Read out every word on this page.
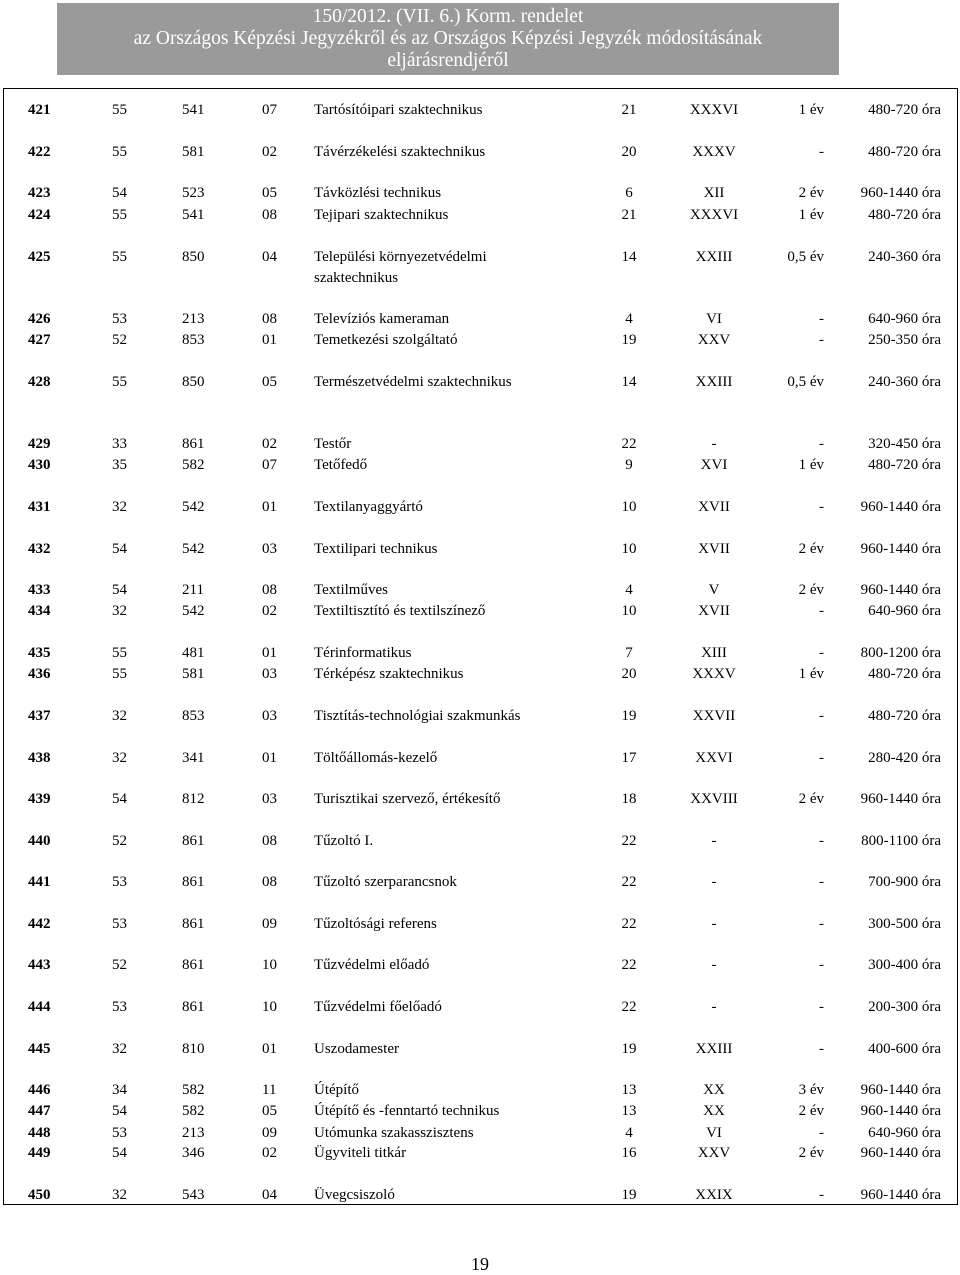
150/2012. (VII. 6.) Korm. rendelet
az Országos Képzési Jegyzékről és az Országos Képzési Jegyzék módosításának
eljárásrendjéről
421	55	541	07 Tartósítóipari szaktechnikus	21	XXXVI	1 év	480-720 óra
422	55	581	02 Távérzékelési szaktechnikus	20	XXXV	-	480-720 óra
423	54	523	05 Távközlési technikus	6	XII	2 év	960-1440 óra
424	55	541	08 Tejipari szaktechnikus	21	XXXVI	1 év	480-720 óra
425	55	850	04 Települési környezetvédelmi	14	XXIII	0,5 év	240-360 óra
szaktechnikus
426	53	213	08 Televíziós kameraman	4	VI	-	640-960 óra
427	52	853	01 Temetkezési szolgáltató	19	XXV	-	250-350 óra
428	55	850	05 Természetvédelmi szaktechnikus	14	XXIII	0,5 év	240-360 óra
429	33	861	02 Testőr	22	-	-	320-450 óra
430	35	582	07 Tetőfedő	9	XVI	1 év	480-720 óra
431	32	542	01 Textilanyaggyártó	10	XVII	-	960-1440 óra
432	54	542	03 Textilipari technikus	10	XVII	2 év	960-1440 óra
433	54	211	08 Textilműves	4	V	2 év	960-1440 óra
434	32	542	02 Textiltisztító és textilszínező	10	XVII	-	640-960 óra
435	55	481	01 Térinformatikus	7	XIII	-	800-1200 óra
436	55	581	03 Térképész szaktechnikus	20	XXXV	1 év	480-720 óra
437	32	853	03 Tisztítás-technológiai szakmunkás	19	XXVII	-	480-720 óra
438	32	341	01 Töltőállomás-kezelő	17	XXVI	-	280-420 óra
439	54	812	03 Turisztikai szervező, értékesítő	18	XXVIII	2 év	960-1440 óra
440	52	861	08 Tűzoltó I.	22	-	-	800-1100 óra
441	53	861	08 Tűzoltó szerparancsnok	22	-	-	700-900 óra
442	53	861	09 Tűzoltósági referens	22	-	-	300-500 óra
443	52	861	10 Tűzvédelmi előadó	22	-	-	300-400 óra
444	53	861	10 Tűzvédelmi főelőadó	22	-	-	200-300 óra
445	32	810	01 Uszodamester	19	XXIII	-	400-600 óra
446	34	582	11	Útépítő	13	XX	3 év	960-1440 óra
447	54	582	05 Útépítő és -fenntartó technikus	13	XX	2 év	960-1440 óra
448	53	213	09 Utómunka szakasszisztens	4	VI	-	640-960 óra
449	54	346	02 Ügyviteli titkár	16	XXV	2 év	960-1440 óra
450	32	543	04 Üvegcsiszoló	19	XXIX	-	960-1440 óra
19
